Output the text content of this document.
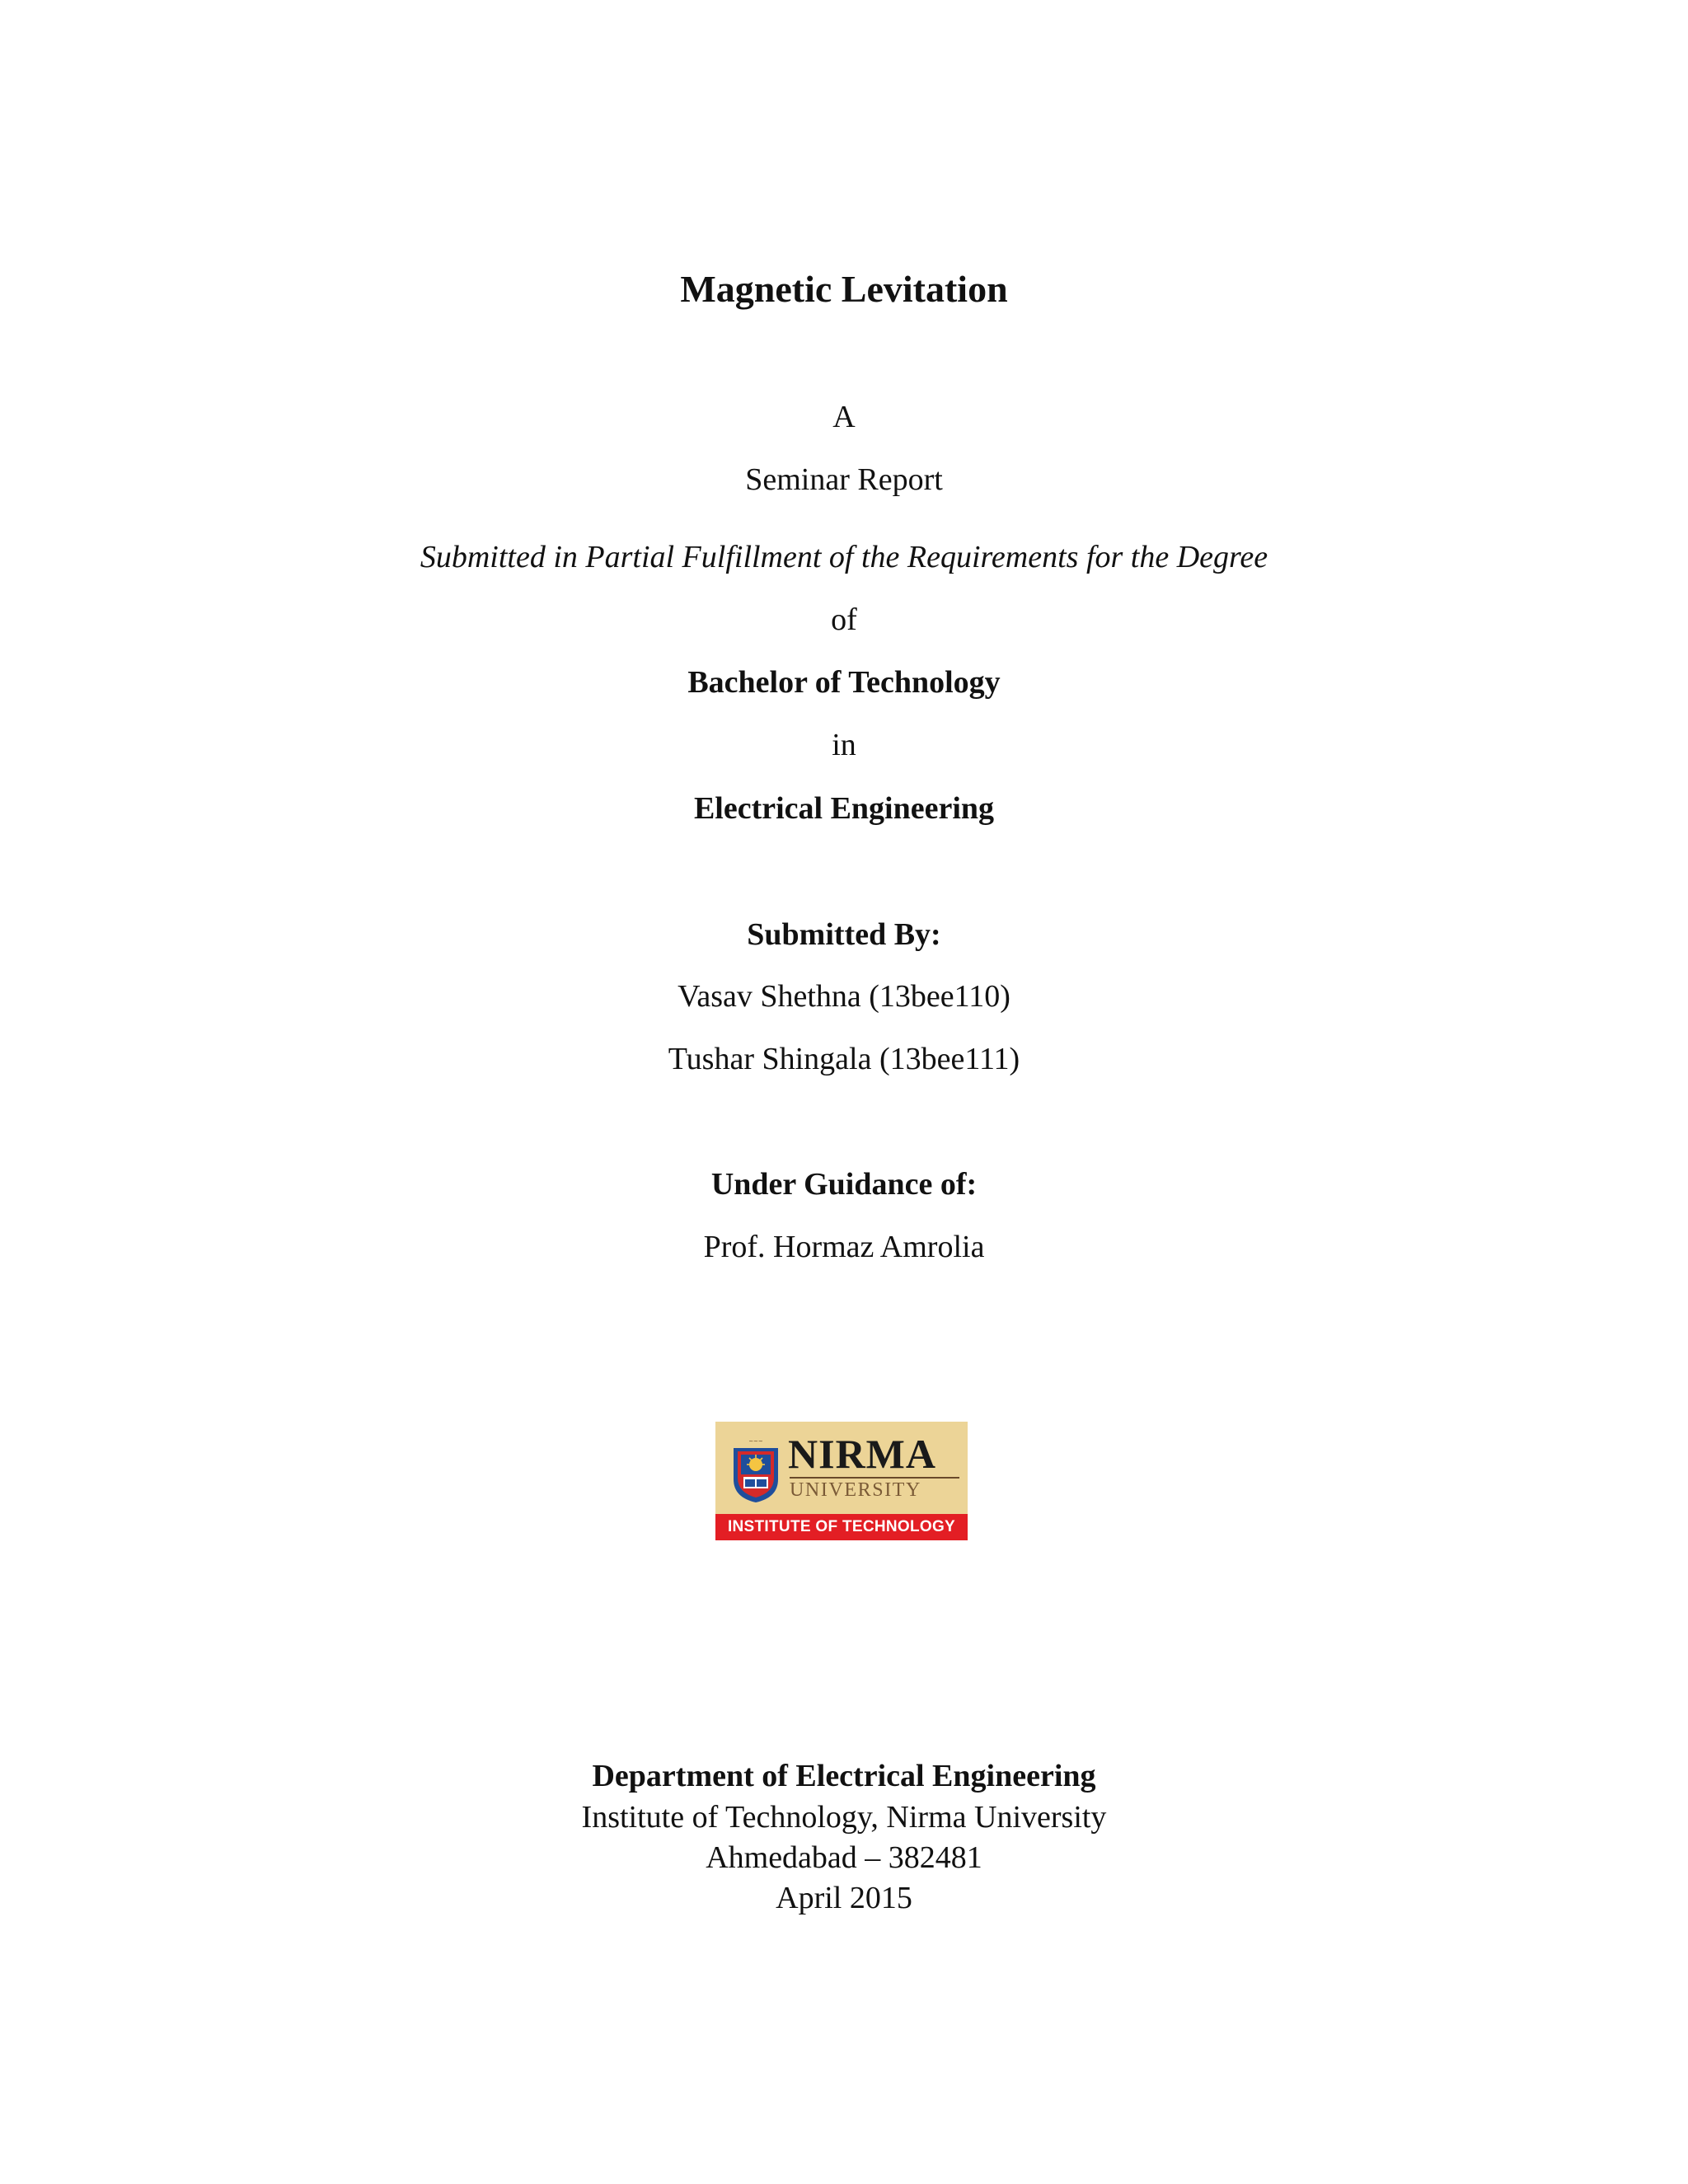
Magnetic Levitation
A
Seminar Report
Submitted in Partial Fulfillment of the Requirements for the Degree
of
Bachelor of Technology
in
Electrical Engineering
Submitted By:
Vasav Shethna (13bee110)
Tushar Shingala (13bee111)
Under Guidance of:
Prof. Hormaz Amrolia
~~~ NIRMA
UNIVERSITY
INSTITUTE OF TECHNOLOGY
Department of Electrical Engineering
Institute of Technology, Nirma University
Ahmedabad – 382481
April 2015
